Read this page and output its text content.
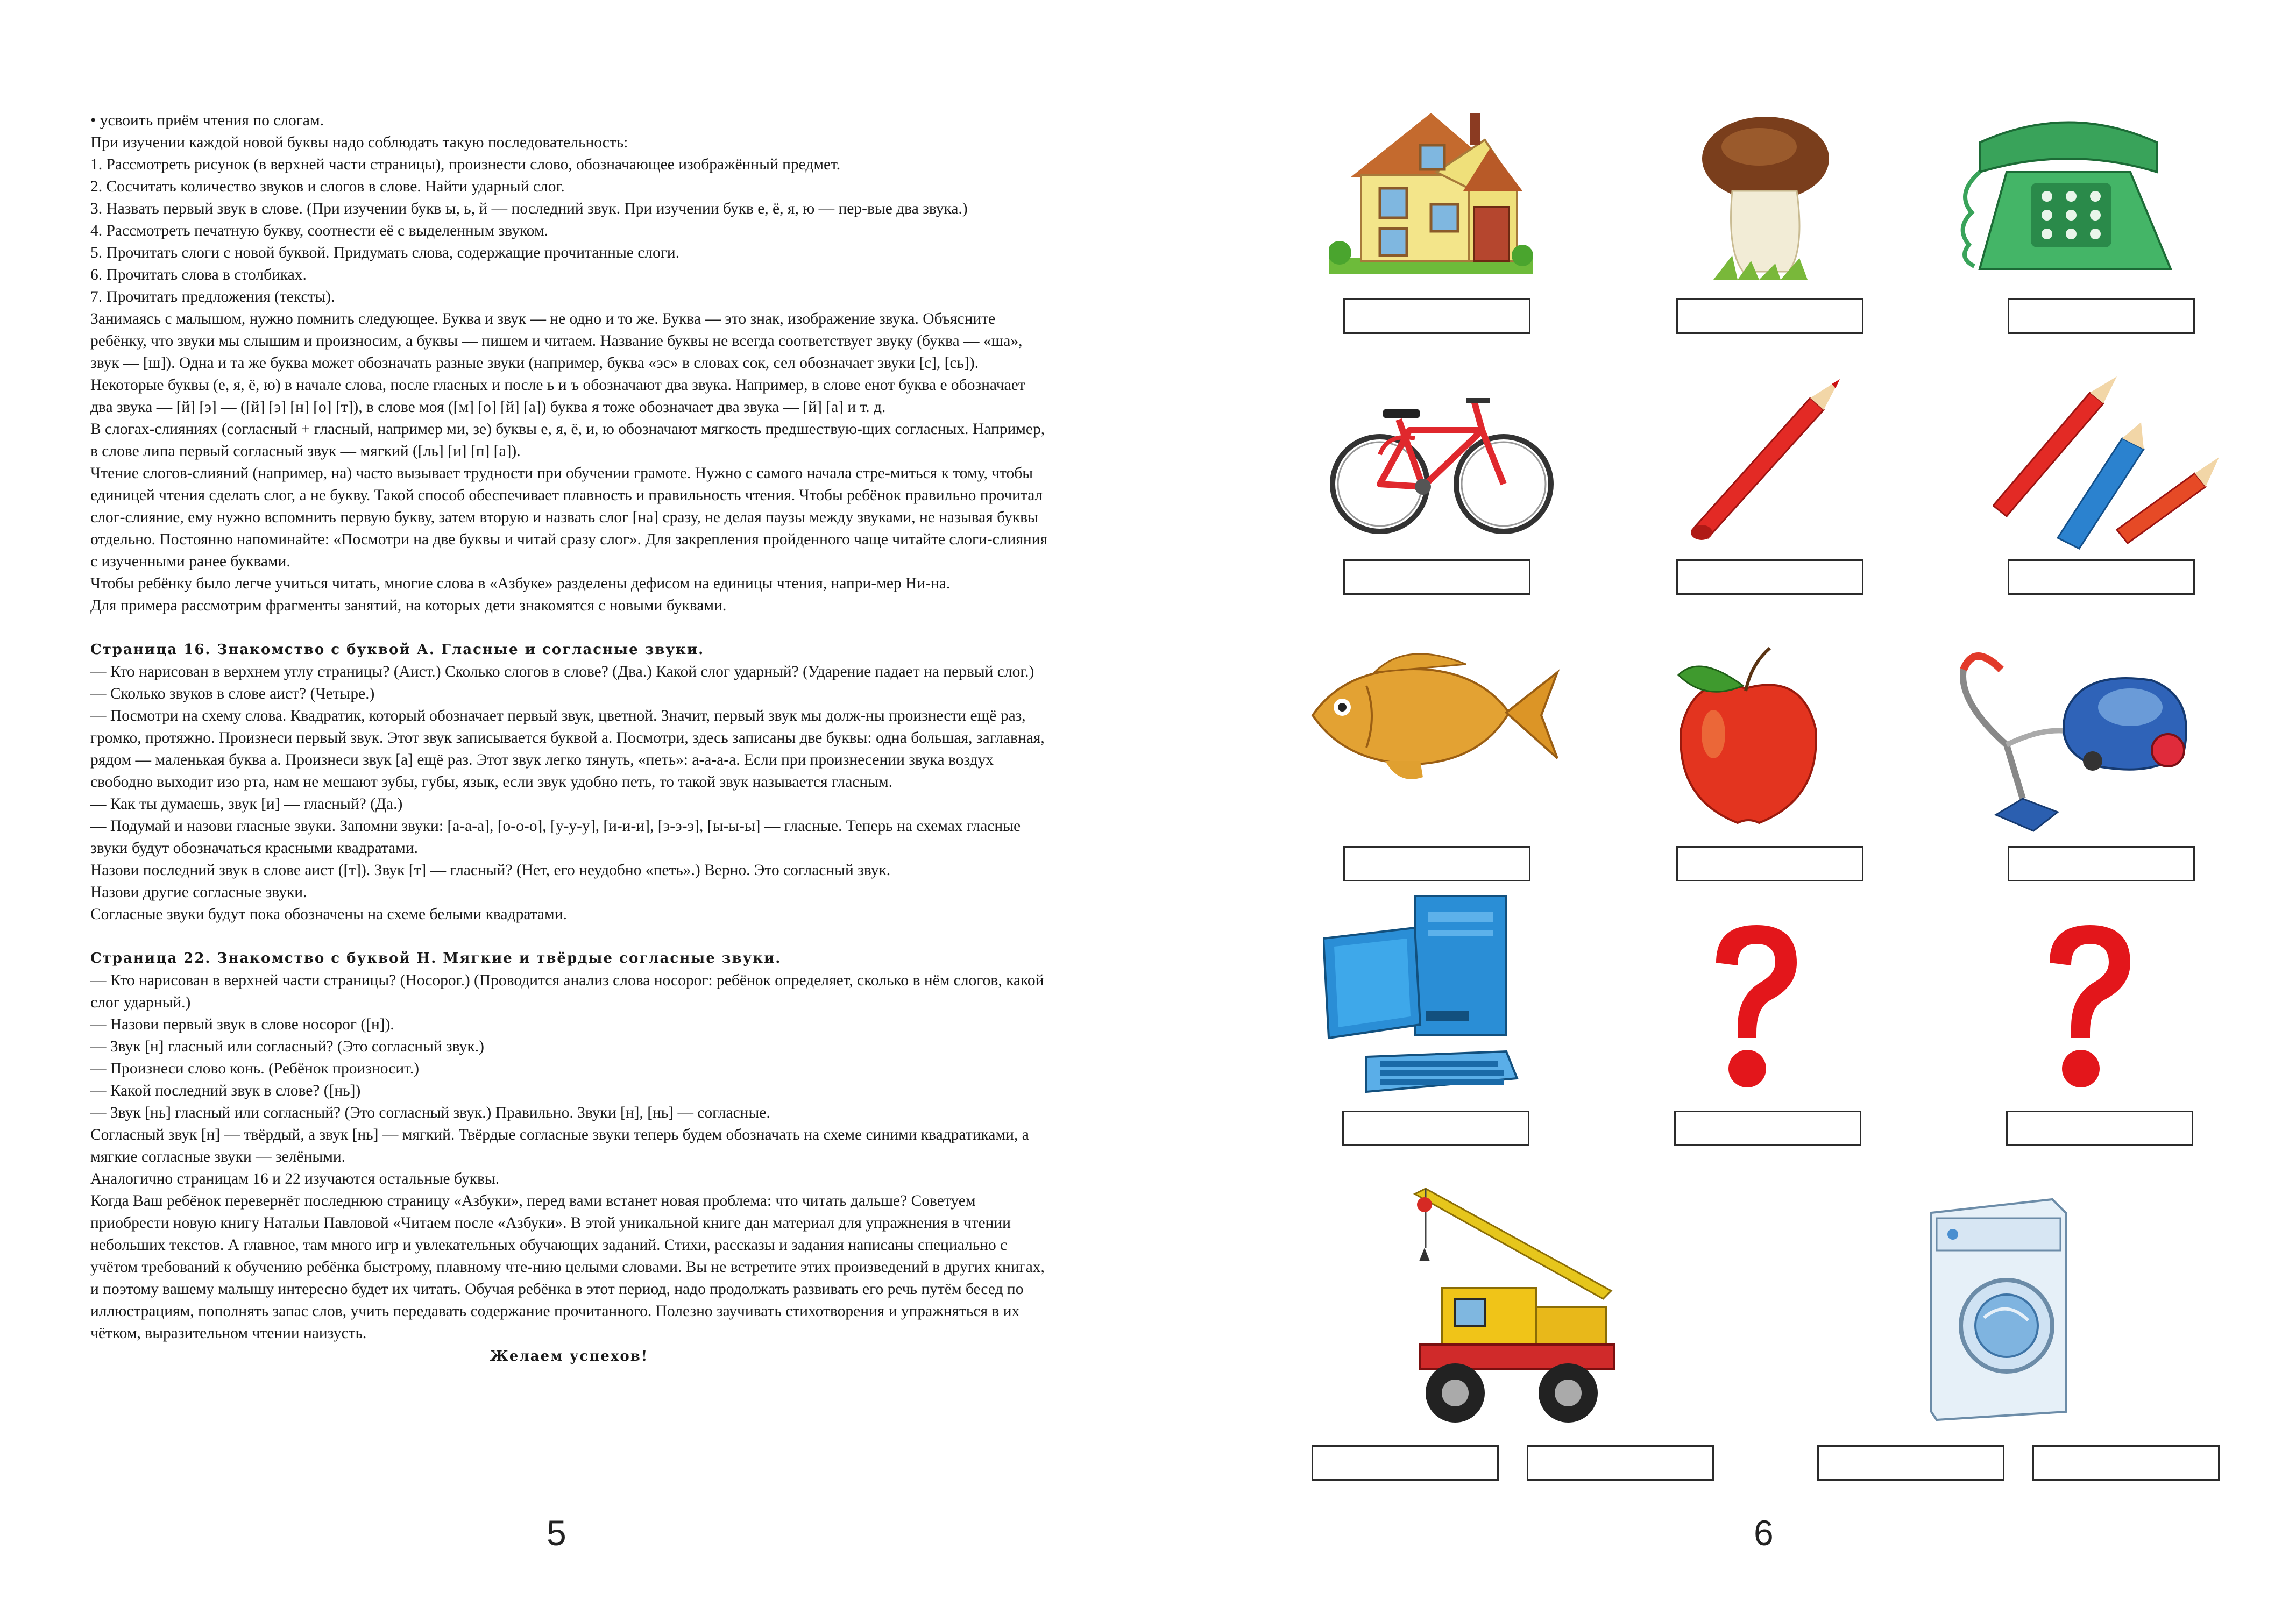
• усвоить приём чтения по слогам.

При изучении каждой новой буквы надо соблюдать такую последовательность:

1. Рассмотреть рисунок (в верхней части страницы), произнести слово, обозначающее изображённый предмет.

2. Сосчитать количество звуков и слогов в слове. Найти ударный слог.

3. Назвать первый звук в слове. (При изучении букв ы, ь, й — последний звук. При изучении букв е, ё, я, ю — пер-вые два звука.)

4. Рассмотреть печатную букву, соотнести её с выделенным звуком.

5. Прочитать слоги с новой буквой. Придумать слова, содержащие прочитанные слоги.

6. Прочитать слова в столбиках.

7. Прочитать предложения (тексты).

Занимаясь с малышом, нужно помнить следующее. Буква и звук — не одно и то же. Буква — это знак, изображение звука. Объясните ребёнку, что звуки мы слышим и произносим, а буквы — пишем и читаем. Название буквы не всегда соответствует звуку (буква — «ша», звук — [ш]). Одна и та же буква может обозначать разные звуки (например, буква «эс» в словах сок, сел обозначает звуки [с], [сь]). Некоторые буквы (е, я, ё, ю) в начале слова, после гласных и после ь и ъ обозначают два звука. Например, в слове енот буква е обозначает два звука — [й] [э] — ([й] [э] [н] [о] [т]), в слове моя ([м] [о] [й] [а]) буква я тоже обозначает два звука — [й] [а] и т. д.

В слогах-слияниях (согласный + гласный, например ми, зе) буквы е, я, ё, и, ю обозначают мягкость предшествую-щих согласных. Например, в слове липа первый согласный звук — мягкий ([ль] [и] [п] [а]).

Чтение слогов-слияний (например, на) часто вызывает трудности при обучении грамоте. Нужно с самого начала стре-миться к тому, чтобы единицей чтения сделать слог, а не букву. Такой способ обеспечивает плавность и правильность чтения. Чтобы ребёнок правильно прочитал слог-слияние, ему нужно вспомнить первую букву, затем вторую и назвать слог [на] сразу, не делая паузы между звуками, не называя буквы отдельно. Постоянно напоминайте: «Посмотри на две буквы и читай сразу слог». Для закрепления пройденного чаще читайте слоги-слияния с изученными ранее буквами.

Чтобы ребёнку было легче учиться читать, многие слова в «Азбуке» разделены дефисом на единицы чтения, напри-мер Ни-на.

Для примера рассмотрим фрагменты занятий, на которых дети знакомятся с новыми буквами.

Страница 16. Знакомство с буквой А. Гласные и согласные звуки.

— Кто нарисован в верхнем углу страницы? (Аист.) Сколько слогов в слове? (Два.) Какой слог ударный? (Ударение падает на первый слог.)

— Сколько звуков в слове аист? (Четыре.)

— Посмотри на схему слова. Квадратик, который обозначает первый звук, цветной. Значит, первый звук мы долж-ны произнести ещё раз, громко, протяжно. Произнеси первый звук. Этот звук записывается буквой а. Посмотри, здесь записаны две буквы: одна большая, заглавная, рядом — маленькая буква а. Произнеси звук [а] ещё раз. Этот звук легко тянуть, «петь»: а-а-а-а. Если при произнесении звука воздух свободно выходит изо рта, нам не мешают зубы, губы, язык, если звук удобно петь, то такой звук называется гласным.

— Как ты думаешь, звук [и] — гласный? (Да.)

— Подумай и назови гласные звуки. Запомни звуки: [а-а-а], [о-о-о], [у-у-у], [и-и-и], [э-э-э], [ы-ы-ы] — гласные. Теперь на схемах гласные звуки будут обозначаться красными квадратами.

Назови последний звук в слове аист ([т]). Звук [т] — гласный? (Нет, его неудобно «петь».) Верно. Это согласный звук.

Назови другие согласные звуки.

Согласные звуки будут пока обозначены на схеме белыми квадратами.

Страница 22. Знакомство с буквой Н. Мягкие и твёрдые согласные звуки.

— Кто нарисован в верхней части страницы? (Носорог.) (Проводится анализ слова носорог: ребёнок определяет, сколько в нём слогов, какой слог ударный.)

— Назови первый звук в слове носорог ([н]).

— Звук [н] гласный или согласный? (Это согласный звук.)

— Произнеси слово конь. (Ребёнок произносит.)

— Какой последний звук в слове? ([нь])

— Звук [нь] гласный или согласный? (Это согласный звук.) Правильно. Звуки [н], [нь] — согласные.

Согласный звук [н] — твёрдый, а звук [нь] — мягкий. Твёрдые согласные звуки теперь будем обозначать на схеме синими квадратиками, а мягкие согласные звуки — зелёными.

Аналогично страницам 16 и 22 изучаются остальные буквы.

Когда Ваш ребёнок перевернёт последнюю страницу «Азбуки», перед вами встанет новая проблема: что читать дальше? Советуем приобрести новую книгу Натальи Павловой «Читаем после «Азбуки». В этой уникальной книге дан материал для упражнения в чтении небольших текстов. А главное, там много игр и увлекательных обучающих заданий. Стихи, рассказы и задания написаны специально с учётом требований к обучению ребёнка быстрому, плавному чте-нию целыми словами. Вы не встретите этих произведений в других книгах, и поэтому вашему малышу интересно будет их читать. Обучая ребёнка в этот период, надо продолжать развивать его речь путём бесед по иллюстрациям, пополнять запас слов, учить передавать содержание прочитанного. Полезно заучивать стихотворения и упражняться в их чётком, выразительном чтении наизусть.

Желаем успехов!

5	6
